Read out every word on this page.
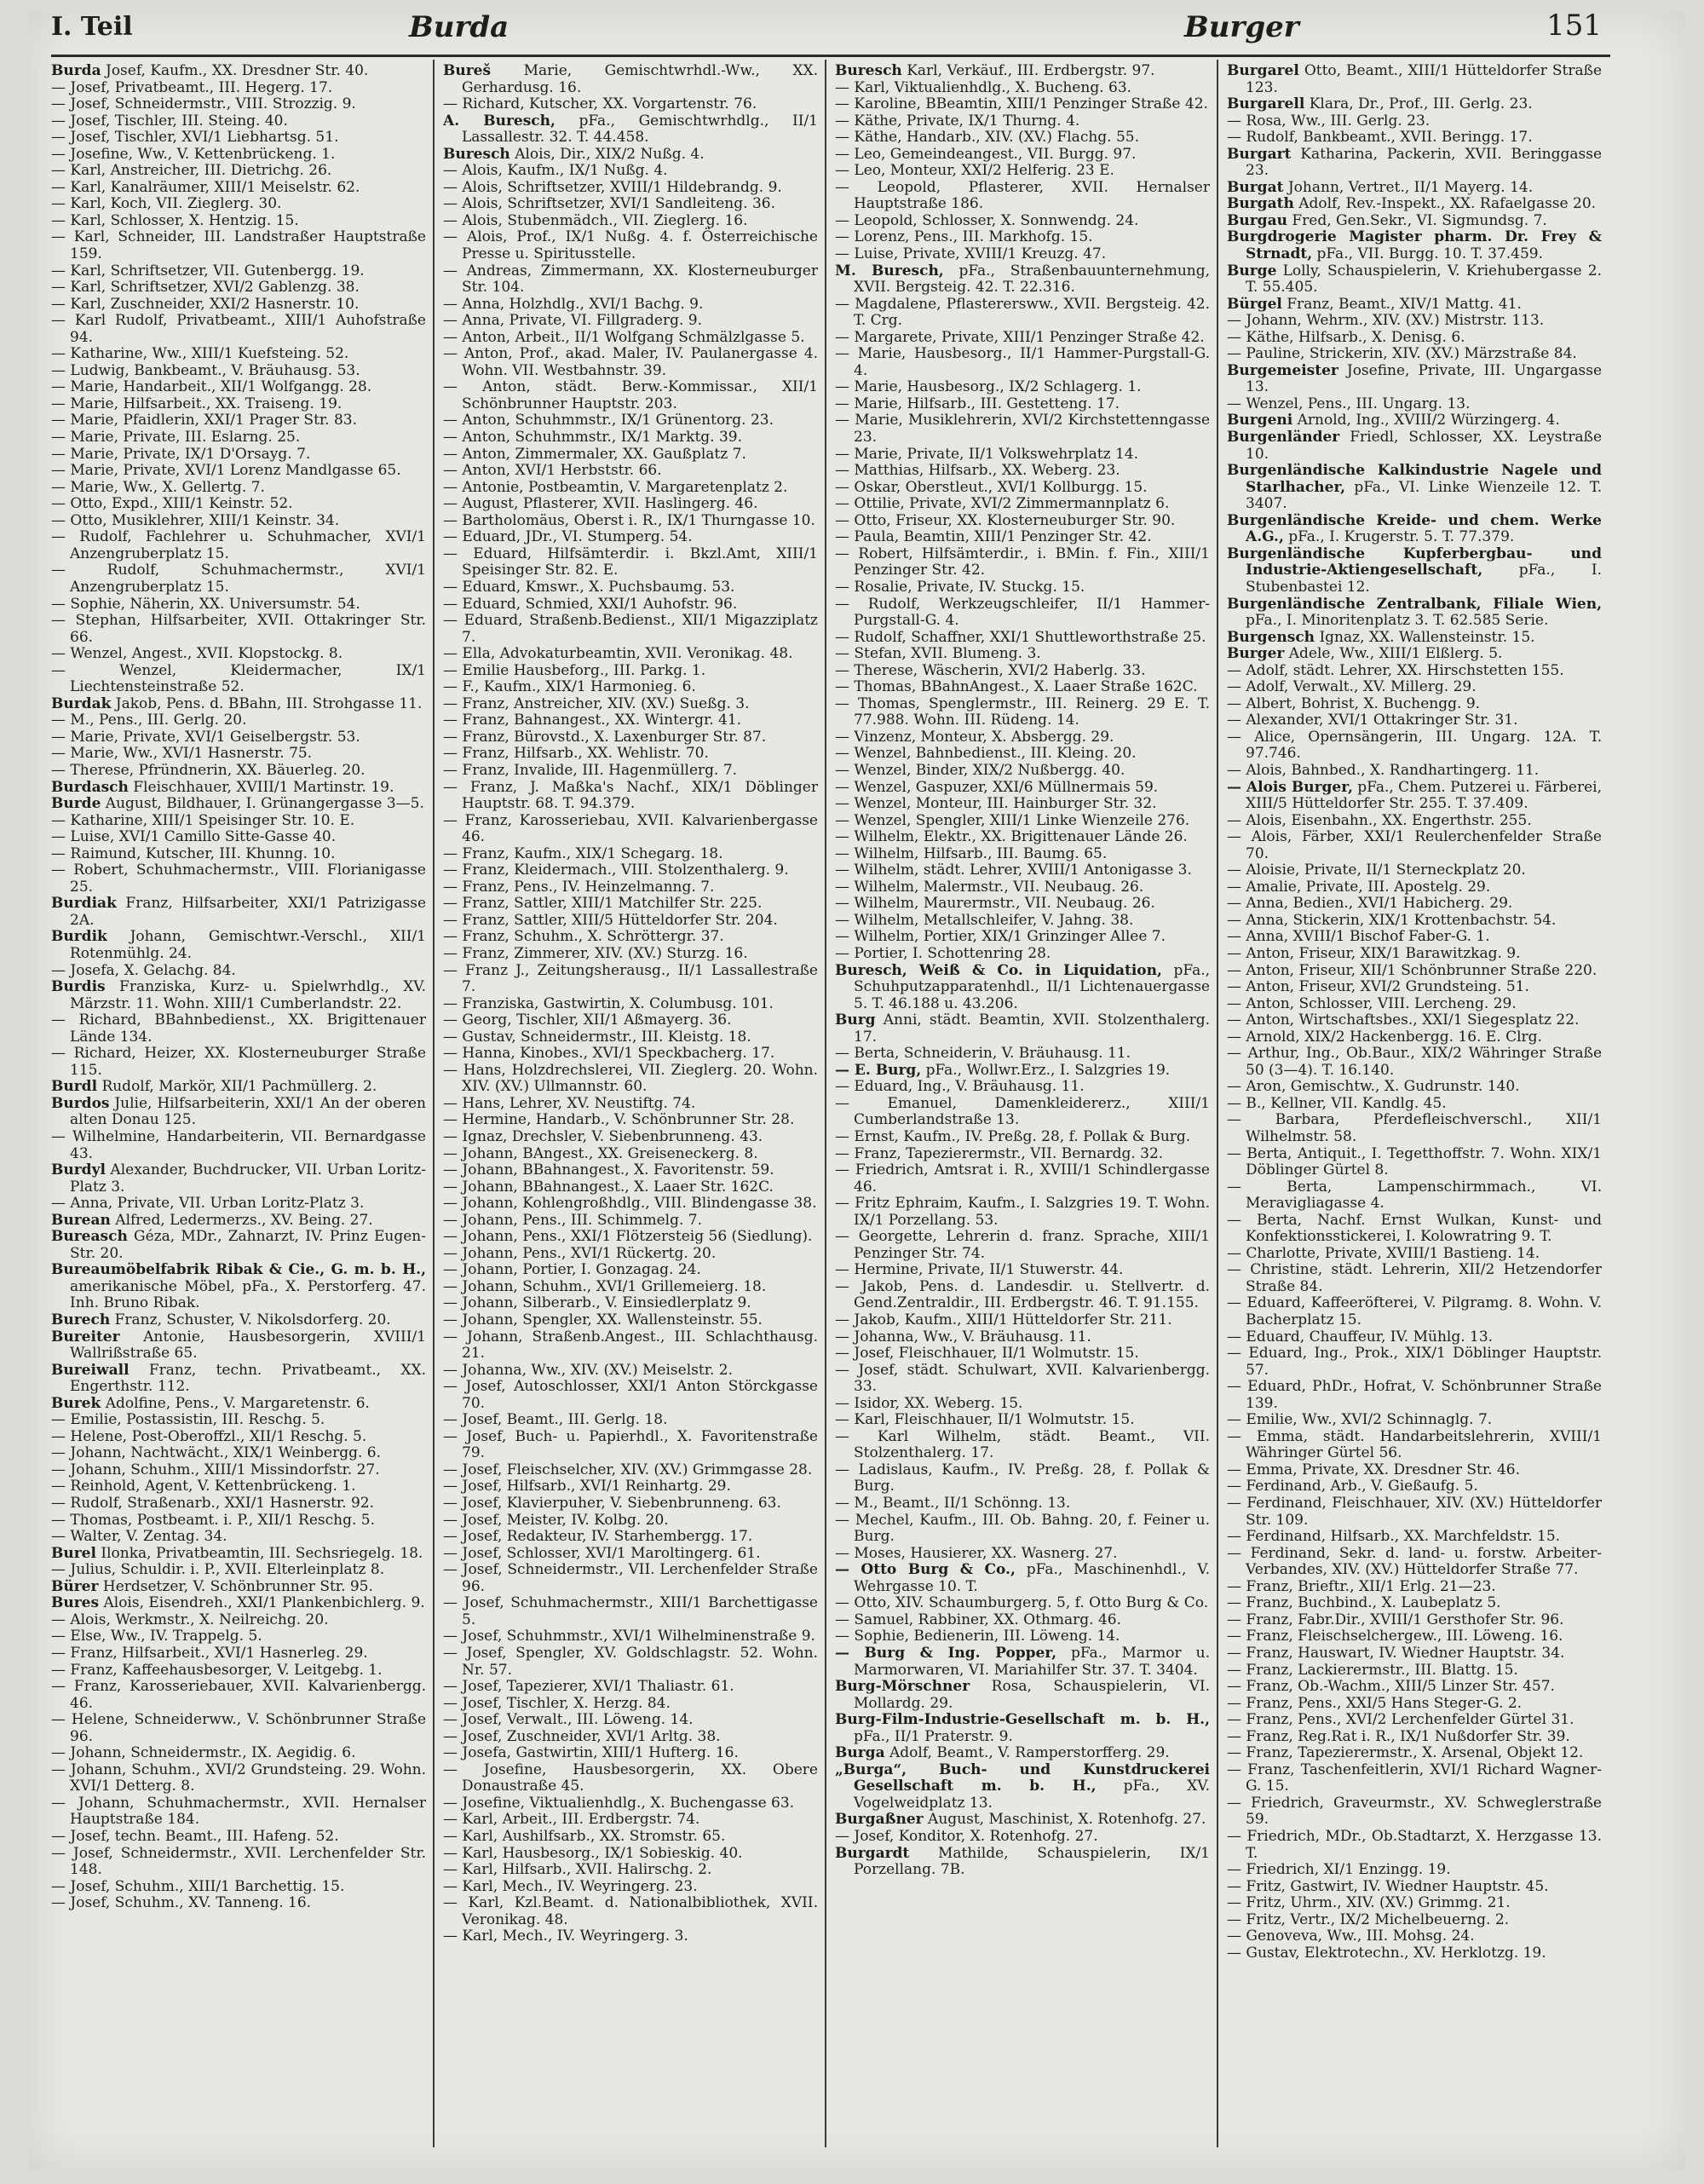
I. Teil	Burda	Burger	151

Burda Josef, Kaufm., XX. Dresdner Str. 40.

— Josef, Privatbeamt., III. Hegerg. 17.

— Josef, Schneidermstr., VIII. Strozzig. 9.

— Josef, Tischler, III. Steing. 40.

— Josef, Tischler, XVI/1 Liebhartsg. 51.

— Josefine, Ww., V. Kettenbrückeng. 1.

— Karl, Anstreicher, III. Dietrichg. 26.

— Karl, Kanalräumer, XIII/1 Meiselstr. 62.

— Karl, Koch, VII. Zieglerg. 30.

— Karl, Schlosser, X. Hentzig. 15.

— Karl, Schneider, III. Landstraßer Hauptstraße 159.

— Karl, Schriftsetzer, VII. Gutenbergg. 19.

— Karl, Schriftsetzer, XVI/2 Gablenzg. 38.

— Karl, Zuschneider, XXI/2 Hasnerstr. 10.

— Karl Rudolf, Privatbeamt., XIII/1 Auhofstraße 94.

— Katharine, Ww., XIII/1 Kuefsteing. 52.

— Ludwig, Bankbeamt., V. Bräuhausg. 53.

— Marie, Handarbeit., XII/1 Wolfgangg. 28.

— Marie, Hilfsarbeit., XX. Traiseng. 19.

— Marie, Pfaidlerin, XXI/1 Prager Str. 83.

— Marie, Private, III. Eslarng. 25.

— Marie, Private, IX/1 D'Orsayg. 7.

— Marie, Private, XVI/1 Lorenz Mandlgasse 65.

— Marie, Ww., X. Gellertg. 7.

— Otto, Expd., XIII/1 Keinstr. 52.

— Otto, Musiklehrer, XIII/1 Keinstr. 34.

— Rudolf, Fachlehrer u. Schuhmacher, XVI/1 Anzengruberplatz 15.

— Rudolf, Schuhmachermstr., XVI/1 Anzengruberplatz 15.

— Sophie, Näherin, XX. Universumstr. 54.

— Stephan, Hilfsarbeiter, XVII. Ottakringer Str. 66.

— Wenzel, Angest., XVII. Klopstockg. 8.

— Wenzel, Kleidermacher, IX/1 Liechtensteinstraße 52.

Burdak Jakob, Pens. d. BBahn, III. Strohgasse 11.

— M., Pens., III. Gerlg. 20.

— Marie, Private, XVI/1 Geiselbergstr. 53.

— Marie, Ww., XVI/1 Hasnerstr. 75.

— Therese, Pfründnerin, XX. Bäuerleg. 20.

Burdasch Fleischhauer, XVIII/1 Martinstr. 19.

Burde August, Bildhauer, I. Grünangergasse 3—5.

— Katharine, XIII/1 Speisinger Str. 10. E.

— Luise, XVI/1 Camillo Sitte-Gasse 40.

— Raimund, Kutscher, III. Khunng. 10.

— Robert, Schuhmachermstr., VIII. Florianigasse 25.

Burdiak Franz, Hilfsarbeiter, XXI/1 Patrizigasse 2A.

Burdik Johann, Gemischtwr.-Verschl., XII/1 Rotenmühlg. 24.

— Josefa, X. Gelachg. 84.

Burdis Franziska, Kurz- u. Spielwrhdlg., XV. Märzstr. 11. Wohn. XIII/1 Cumberlandstr. 22.

— Richard, BBahnbedienst., XX. Brigittenauer Lände 134.

— Richard, Heizer, XX. Klosterneuburger Straße 115.

Burdl Rudolf, Markör, XII/1 Pachmüllerg. 2.

Burdos Julie, Hilfsarbeiterin, XXI/1 An der oberen alten Donau 125.

— Wilhelmine, Handarbeiterin, VII. Bernardgasse 43.

Burdyl Alexander, Buchdrucker, VII. Urban Loritz-Platz 3.

— Anna, Private, VII. Urban Loritz-Platz 3.

Burean Alfred, Ledermerzs., XV. Being. 27.

Bureasch Géza, MDr., Zahnarzt, IV. Prinz Eugen-Str. 20.

Bureaumöbelfabrik Ribak & Cie., G. m. b. H., amerikanische Möbel, pFa., X. Perstorferg. 47. Inh. Bruno Ribak.

Burech Franz, Schuster, V. Nikolsdorferg. 20.

Bureiter Antonie, Hausbesorgerin, XVIII/1 Wallrißstraße 65.

Bureiwall Franz, techn. Privatbeamt., XX. Engerthstr. 112.

Burek Adolfine, Pens., V. Margaretenstr. 6.

— Emilie, Postassistin, III. Reschg. 5.

— Helene, Post-Oberoffzl., XII/1 Reschg. 5.

— Johann, Nachtwächt., XIX/1 Weinbergg. 6.

— Johann, Schuhm., XIII/1 Missindorfstr. 27.

— Reinhold, Agent, V. Kettenbrückeng. 1.

— Rudolf, Straßenarb., XXI/1 Hasnerstr. 92.

— Thomas, Postbeamt. i. P., XII/1 Reschg. 5.

— Walter, V. Zentag. 34.

Burel Ilonka, Privatbeamtin, III. Sechsriegelg. 18.

— Julius, Schuldir. i. P., XVII. Elterleinplatz 8.

Bürer Herdsetzer, V. Schönbrunner Str. 95.

Bures Alois, Eisendreh., XXI/1 Plankenbichlerg. 9.

— Alois, Werkmstr., X. Neilreichg. 20.

— Else, Ww., IV. Trappelg. 5.

— Franz, Hilfsarbeit., XVI/1 Hasnerleg. 29.

— Franz, Kaffeehausbesorger, V. Leitgebg. 1.

— Franz, Karosseriebauer, XVII. Kalvarienbergg. 46.

— Helene, Schneiderww., V. Schönbrunner Straße 96.

— Johann, Schneidermstr., IX. Aegidig. 6.

— Johann, Schuhm., XVI/2 Grundsteing. 29. Wohn. XVI/1 Detterg. 8.

— Johann, Schuhmachermstr., XVII. Hernalser Hauptstraße 184.

— Josef, techn. Beamt., III. Hafeng. 52.

— Josef, Schneidermstr., XVII. Lerchenfelder Str. 148.

— Josef, Schuhm., XIII/1 Barchettig. 15.

— Josef, Schuhm., XV. Tanneng. 16.

Bureš Marie, Gemischtwrhdl.-Ww., XX. Gerhardusg. 16.

— Richard, Kutscher, XX. Vorgartenstr. 76.

A. Buresch, pFa., Gemischtwrhdlg., II/1 Lassallestr. 32. T. 44.458.

Buresch Alois, Dir., XIX/2 Nußg. 4.

— Alois, Kaufm., IX/1 Nußg. 4.

— Alois, Schriftsetzer, XVIII/1 Hildebrandg. 9.

— Alois, Schriftsetzer, XVI/1 Sandleiteng. 36.

— Alois, Stubenmädch., VII. Zieglerg. 16.

— Alois, Prof., IX/1 Nußg. 4. f. Österreichische Presse u. Spiritusstelle.

— Andreas, Zimmermann, XX. Klosterneuburger Str. 104.

— Anna, Holzhdlg., XVI/1 Bachg. 9.

— Anna, Private, VI. Fillgraderg. 9.

— Anton, Arbeit., II/1 Wolfgang Schmälzlgasse 5.

— Anton, Prof., akad. Maler, IV. Paulanergasse 4. Wohn. VII. Westbahnstr. 39.

— Anton, städt. Berw.-Kommissar., XII/1 Schönbrunner Hauptstr. 203.

— Anton, Schuhmmstr., IX/1 Grünentorg. 23.

— Anton, Schuhmmstr., IX/1 Marktg. 39.

— Anton, Zimmermaler, XX. Gaußplatz 7.

— Anton, XVI/1 Herbststr. 66.

— Antonie, Postbeamtin, V. Margaretenplatz 2.

— August, Pflasterer, XVII. Haslingerg. 46.

— Bartholomäus, Oberst i. R., IX/1 Thurngasse 10.

— Eduard, JDr., VI. Stumperg. 54.

— Eduard, Hilfsämterdir. i. Bkzl.Amt, XIII/1 Speisinger Str. 82. E.

— Eduard, Kmswr., X. Puchsbaumg. 53.

— Eduard, Schmied, XXI/1 Auhofstr. 96.

— Eduard, Straßenb.Bedienst., XII/1 Migazziplatz 7.

— Ella, Advokaturbeamtin, XVII. Veronikag. 48.

— Emilie Hausbeforg., III. Parkg. 1.

— F., Kaufm., XIX/1 Harmonieg. 6.

— Franz, Anstreicher, XIV. (XV.) Sueßg. 3.

— Franz, Bahnangest., XX. Wintergr. 41.

— Franz, Bürovstd., X. Laxenburger Str. 87.

— Franz, Hilfsarb., XX. Wehlistr. 70.

— Franz, Invalide, III. Hagenmüllerg. 7.

— Franz, J. Maßka's Nachf., XIX/1 Döblinger Hauptstr. 68. T. 94.379.

— Franz, Karosseriebau, XVII. Kalvarienbergasse 46.

— Franz, Kaufm., XIX/1 Schegarg. 18.

— Franz, Kleidermach., VIII. Stolzenthalerg. 9.

— Franz, Pens., IV. Heinzelmanng. 7.

— Franz, Sattler, XIII/1 Matchilfer Str. 225.

— Franz, Sattler, XIII/5 Hütteldorfer Str. 204.

— Franz, Schuhm., X. Schröttergr. 37.

— Franz, Zimmerer, XIV. (XV.) Sturzg. 16.

— Franz J., Zeitungsherausg., II/1 Lassallestraße 7.

— Franziska, Gastwirtin, X. Columbusg. 101.

— Georg, Tischler, XII/1 Aßmayerg. 36.

— Gustav, Schneidermstr., III. Kleistg. 18.

— Hanna, Kinobes., XVI/1 Speckbacherg. 17.

— Hans, Holzdrechslerei, VII. Zieglerg. 20. Wohn. XIV. (XV.) Ullmannstr. 60.

— Hans, Lehrer, XV. Neustiftg. 74.

— Hermine, Handarb., V. Schönbrunner Str. 28.

— Ignaz, Drechsler, V. Siebenbrunneng. 43.

— Johann, BAngest., XX. Greiseneckerg. 8.

— Johann, BBahnangest., X. Favoritenstr. 59.

— Johann, BBahnangest., X. Laaer Str. 162C.

— Johann, Kohlengroßhdlg., VIII. Blindengasse 38.

— Johann, Pens., III. Schimmelg. 7.

— Johann, Pens., XXI/1 Flötzersteig 56 (Siedlung).

— Johann, Pens., XVI/1 Rückertg. 20.

— Johann, Portier, I. Gonzagag. 24.

— Johann, Schuhm., XVI/1 Grillemeierg. 18.

— Johann, Silberarb., V. Einsiedlerplatz 9.

— Johann, Spengler, XX. Wallensteinstr. 55.

— Johann, Straßenb.Angest., III. Schlachthausg. 21.

— Johanna, Ww., XIV. (XV.) Meiselstr. 2.

— Josef, Autoschlosser, XXI/1 Anton Störckgasse 70.

— Josef, Beamt., III. Gerlg. 18.

— Josef, Buch- u. Papierhdl., X. Favoritenstraße 79.

— Josef, Fleischselcher, XIV. (XV.) Grimmgasse 28.

— Josef, Hilfsarb., XVI/1 Reinhartg. 29.

— Josef, Klavierpuher, V. Siebenbrunneng. 63.

— Josef, Meister, IV. Kolbg. 20.

— Josef, Redakteur, IV. Starhembergg. 17.

— Josef, Schlosser, XVI/1 Maroltingerg. 61.

— Josef, Schneidermstr., VII. Lerchenfelder Straße 96.

— Josef, Schuhmachermstr., XIII/1 Barchettigasse 5.

— Josef, Schuhmmstr., XVI/1 Wilhelminenstraße 9.

— Josef, Spengler, XV. Goldschlagstr. 52. Wohn. Nr. 57.

— Josef, Tapezierer, XVI/1 Thaliastr. 61.

— Josef, Tischler, X. Herzg. 84.

— Josef, Verwalt., III. Löweng. 14.

— Josef, Zuschneider, XVI/1 Arltg. 38.

— Josefa, Gastwirtin, XIII/1 Hufterg. 16.

— Josefine, Hausbesorgerin, XX. Obere Donaustraße 45.

— Josefine, Viktualienhdlg., X. Buchengasse 63.

— Karl, Arbeit., III. Erdbergstr. 74.

— Karl, Aushilfsarb., XX. Stromstr. 65.

— Karl, Hausbesorg., IX/1 Sobieskig. 40.

— Karl, Hilfsarb., XVII. Halirschg. 2.

— Karl, Mech., IV. Weyringerg. 23.

— Karl, Kzl.Beamt. d. Nationalbibliothek, XVII. Veronikag. 48.

— Karl, Mech., IV. Weyringerg. 3.

Buresch Karl, Verkäuf., III. Erdbergstr. 97.

— Karl, Viktualienhdlg., X. Bucheng. 63.

— Karoline, BBeamtin, XIII/1 Penzinger Straße 42.

— Käthe, Private, IX/1 Thurng. 4.

— Käthe, Handarb., XIV. (XV.) Flachg. 55.

— Leo, Gemeindeangest., VII. Burgg. 97.

— Leo, Monteur, XXI/2 Helferig. 23 E.

— Leopold, Pflasterer, XVII. Hernalser Hauptstraße 186.

— Leopold, Schlosser, X. Sonnwendg. 24.

— Lorenz, Pens., III. Markhofg. 15.

— Luise, Private, XVIII/1 Kreuzg. 47.

M. Buresch, pFa., Straßenbauunternehmung, XVII. Bergsteig. 42. T. 22.316.

— Magdalene, Pflasterersww., XVII. Bergsteig. 42. T. Crg.

— Margarete, Private, XIII/1 Penzinger Straße 42.

— Marie, Hausbesorg., II/1 Hammer-Purgstall-G. 4.

— Marie, Hausbesorg., IX/2 Schlagerg. 1.

— Marie, Hilfsarb., III. Gestetteng. 17.

— Marie, Musiklehrerin, XVI/2 Kirchstettenngasse 23.

— Marie, Private, II/1 Volkswehrplatz 14.

— Matthias, Hilfsarb., XX. Weberg. 23.

— Oskar, Oberstleut., XVI/1 Kollburgg. 15.

— Ottilie, Private, XVI/2 Zimmermannplatz 6.

— Otto, Friseur, XX. Klosterneuburger Str. 90.

— Paula, Beamtin, XIII/1 Penzinger Str. 42.

— Robert, Hilfsämterdir., i. BMin. f. Fin., XIII/1 Penzinger Str. 42.

— Rosalie, Private, IV. Stuckg. 15.

— Rudolf, Werkzeugschleifer, II/1 Hammer-Purgstall-G. 4.

— Rudolf, Schaffner, XXI/1 Shuttleworthstraße 25.

— Stefan, XVII. Blumeng. 3.

— Therese, Wäscherin, XVI/2 Haberlg. 33.

— Thomas, BBahnAngest., X. Laaer Straße 162C.

— Thomas, Spenglermstr., III. Reinerg. 29 E. T. 77.988. Wohn. III. Rüdeng. 14.

— Vinzenz, Monteur, X. Absbergg. 29.

— Wenzel, Bahnbedienst., III. Kleing. 20.

— Wenzel, Binder, XIX/2 Nußbergg. 40.

— Wenzel, Gaspuzer, XXI/6 Müllnermais 59.

— Wenzel, Monteur, III. Hainburger Str. 32.

— Wenzel, Spengler, XIII/1 Linke Wienzeile 276.

— Wilhelm, Elektr., XX. Brigittenauer Lände 26.

— Wilhelm, Hilfsarb., III. Baumg. 65.

— Wilhelm, städt. Lehrer, XVIII/1 Antonigasse 3.

— Wilhelm, Malermstr., VII. Neubaug. 26.

— Wilhelm, Maurermstr., VII. Neubaug. 26.

— Wilhelm, Metallschleifer, V. Jahng. 38.

— Wilhelm, Portier, XIX/1 Grinzinger Allee 7.

— Portier, I. Schottenring 28.

Buresch, Weiß & Co. in Liquidation, pFa., Schuhputzapparatenhdl., II/1 Lichtenauergasse 5. T. 46.188 u. 43.206.

Burg Anni, städt. Beamtin, XVII. Stolzenthalerg. 17.

— Berta, Schneiderin, V. Bräuhausg. 11.

— E. Burg, pFa., Wollwr.Erz., I. Salzgries 19.

— Eduard, Ing., V. Bräuhausg. 11.

— Emanuel, Damenkleidererz., XIII/1 Cumberlandstraße 13.

— Ernst, Kaufm., IV. Preßg. 28, f. Pollak & Burg.

— Franz, Tapezierermstr., VII. Bernardg. 32.

— Friedrich, Amtsrat i. R., XVIII/1 Schindlergasse 46.

— Fritz Ephraim, Kaufm., I. Salzgries 19. T. Wohn. IX/1 Porzellang. 53.

— Georgette, Lehrerin d. franz. Sprache, XIII/1 Penzinger Str. 74.

— Hermine, Private, II/1 Stuwerstr. 44.

— Jakob, Pens. d. Landesdir. u. Stellvertr. d. Gend.Zentraldir., III. Erdbergstr. 46. T. 91.155.

— Jakob, Kaufm., XIII/1 Hütteldorfer Str. 211.

— Johanna, Ww., V. Bräuhausg. 11.

— Josef, Fleischhauer, II/1 Wolmutstr. 15.

— Josef, städt. Schulwart, XVII. Kalvarienbergg. 33.

— Isidor, XX. Weberg. 15.

— Karl, Fleischhauer, II/1 Wolmutstr. 15.

— Karl Wilhelm, städt. Beamt., VII. Stolzenthalerg. 17.

— Ladislaus, Kaufm., IV. Preßg. 28, f. Pollak & Burg.

— M., Beamt., II/1 Schönng. 13.

— Mechel, Kaufm., III. Ob. Bahng. 20, f. Feiner u. Burg.

— Moses, Hausierer, XX. Wasnerg. 27.

— Otto Burg & Co., pFa., Maschinenhdl., V. Wehrgasse 10. T.

— Otto, XIV. Schaumburgerg. 5, f. Otto Burg & Co.

— Samuel, Rabbiner, XX. Othmarg. 46.

— Sophie, Bedienerin, III. Löweng. 14.

— Burg & Ing. Popper, pFa., Marmor u. Marmorwaren, VI. Mariahilfer Str. 37. T. 3404.

Burg-Mörschner Rosa, Schauspielerin, VI. Mollardg. 29.

Burg-Film-Industrie-Gesellschaft m. b. H., pFa., II/1 Praterstr. 9.

Burga Adolf, Beamt., V. Ramperstorfferg. 29.

„Burga“, Buch- und Kunstdruckerei Gesellschaft m. b. H., pFa., XV. Vogelweidplatz 13.

Burgaßner August, Maschinist, X. Rotenhofg. 27.

— Josef, Konditor, X. Rotenhofg. 27.

Burgardt Mathilde, Schauspielerin, IX/1 Porzellang. 7B.

Burgarel Otto, Beamt., XIII/1 Hütteldorfer Straße 123.

Burgarell Klara, Dr., Prof., III. Gerlg. 23.

— Rosa, Ww., III. Gerlg. 23.

— Rudolf, Bankbeamt., XVII. Beringg. 17.

Burgart Katharina, Packerin, XVII. Beringgasse 23.

Burgat Johann, Vertret., II/1 Mayerg. 14.

Burgath Adolf, Rev.-Inspekt., XX. Rafaelgasse 20.

Burgau Fred, Gen.Sekr., VI. Sigmundsg. 7.

Burgdrogerie Magister pharm. Dr. Frey & Strnadt, pFa., VII. Burgg. 10. T. 37.459.

Burge Lolly, Schauspielerin, V. Kriehubergasse 2. T. 55.405.

Bürgel Franz, Beamt., XIV/1 Mattg. 41.

— Johann, Wehrm., XIV. (XV.) Mistrstr. 113.

— Käthe, Hilfsarb., X. Denisg. 6.

— Pauline, Strickerin, XIV. (XV.) Märzstraße 84.

Burgemeister Josefine, Private, III. Ungargasse 13.

— Wenzel, Pens., III. Ungarg. 13.

Burgeni Arnold, Ing., XVIII/2 Würzingerg. 4.

Burgenländer Friedl, Schlosser, XX. Leystraße 10.

Burgenländische Kalkindustrie Nagele und Starlhacher, pFa., VI. Linke Wienzeile 12. T. 3407.

Burgenländische Kreide- und chem. Werke A.G., pFa., I. Krugerstr. 5. T. 77.379.

Burgenländische Kupferbergbau- und Industrie-Aktiengesellschaft,	pFa., I. Stubenbastei 12.

Burgenländische Zentralbank, Filiale Wien, pFa., I. Minoritenplatz 3. T. 62.585 Serie.

Burgensch Ignaz, XX. Wallensteinstr. 15.

Burger Adele, Ww., XIII/1 Elßlerg. 5.

— Adolf, städt. Lehrer, XX. Hirschstetten 155.

— Adolf, Verwalt., XV. Millerg. 29.

— Albert, Bohrist, X. Buchengg. 9.

— Alexander, XVI/1 Ottakringer Str. 31.

— Alice, Opernsängerin, III. Ungarg. 12A. T. 97.746.

— Alois, Bahnbed., X. Randhartingerg. 11.

— Alois Burger, pFa., Chem. Putzerei u. Färberei, XIII/5 Hütteldorfer Str. 255. T. 37.409.

— Alois, Eisenbahn., XX. Engerthstr. 255.

— Alois, Färber, XXI/1 Reulerchenfelder Straße 70.

— Aloisie, Private, II/1 Sterneckplatz 20.

— Amalie, Private, III. Apostelg. 29.

— Anna, Bedien., XVI/1 Habicherg. 29.

— Anna, Stickerin, XIX/1 Krottenbachstr. 54.

— Anna, XVIII/1 Bischof Faber-G. 1.

— Anton, Friseur, XIX/1 Barawitzkag. 9.

— Anton, Friseur, XII/1 Schönbrunner Straße 220.

— Anton, Friseur, XVI/2 Grundsteing. 51.

— Anton, Schlosser, VIII. Lercheng. 29.

— Anton, Wirtschaftsbes., XXI/1 Siegesplatz 22.

— Arnold, XIX/2 Hackenbergg. 16. E. Clrg.

— Arthur, Ing., Ob.Baur., XIX/2 Währinger Straße 50 (3—4). T. 16.140.

— Aron, Gemischtw., X. Gudrunstr. 140.

— B., Kellner, VII. Kandlg. 45.

— Barbara, Pferdefleischverschl., XII/1 Wilhelmstr. 58.

— Berta, Antiquit., I. Tegetthoffstr. 7. Wohn. XIX/1 Döblinger Gürtel 8.

— Berta, Lampenschirmmach., VI. Meravigliagasse 4.

— Berta, Nachf. Ernst Wulkan, Kunst- und Konfektionsstickerei, I. Kolowratring 9. T.

— Charlotte, Private, XVIII/1 Bastieng. 14.

— Christine, städt. Lehrerin, XII/2 Hetzendorfer Straße 84.

— Eduard, Kaffeeröfterei, V. Pilgramg. 8. Wohn. V. Bacherplatz 15.

— Eduard, Chauffeur, IV. Mühlg. 13.

— Eduard, Ing., Prok., XIX/1 Döblinger Hauptstr. 57.

— Eduard, PhDr., Hofrat, V. Schönbrunner Straße 139.

— Emilie, Ww., XVI/2 Schinnaglg. 7.

— Emma, städt. Handarbeitslehrerin, XVIII/1 Währinger Gürtel 56.

— Emma, Private, XX. Dresdner Str. 46.

— Ferdinand, Arb., V. Gießaufg. 5.

— Ferdinand, Fleischhauer, XIV. (XV.) Hütteldorfer Str. 109.

— Ferdinand, Hilfsarb., XX. Marchfeldstr. 15.

— Ferdinand, Sekr. d. land- u. forstw. Arbeiter-Verbandes, XIV. (XV.) Hütteldorfer Straße 77.

— Franz, Brieftr., XII/1 Erlg. 21—23.

— Franz, Buchbind., X. Laubeplatz 5.

— Franz, Fabr.Dir., XVIII/1 Gersthofer Str. 96.

— Franz, Fleischselchergew., III. Löweng. 16.

— Franz, Hauswart, IV. Wiedner Hauptstr. 34.

— Franz, Lackierermstr., III. Blattg. 15.

— Franz, Ob.-Wachm., XIII/5 Linzer Str. 457.

— Franz, Pens., XXI/5 Hans Steger-G. 2.

— Franz, Pens., XVI/2 Lerchenfelder Gürtel 31.

— Franz, Reg.Rat i. R., IX/1 Nußdorfer Str. 39.

— Franz, Tapezierermstr., X. Arsenal, Objekt 12.

— Franz, Taschenfeitlerin, XVI/1 Richard Wagner-G. 15.

— Friedrich, Graveurmstr., XV. Schweglerstraße 59.

— Friedrich, MDr., Ob.Stadtarzt, X. Herzgasse 13. T.

— Friedrich, XI/1 Enzingg. 19.

— Fritz, Gastwirt, IV. Wiedner Hauptstr. 45.

— Fritz, Uhrm., XIV. (XV.) Grimmg. 21.

— Fritz, Vertr., IX/2 Michelbeuerng. 2.

— Genoveva, Ww., III. Mohsg. 24.

— Gustav, Elektrotechn., XV. Herklotzg. 19.
